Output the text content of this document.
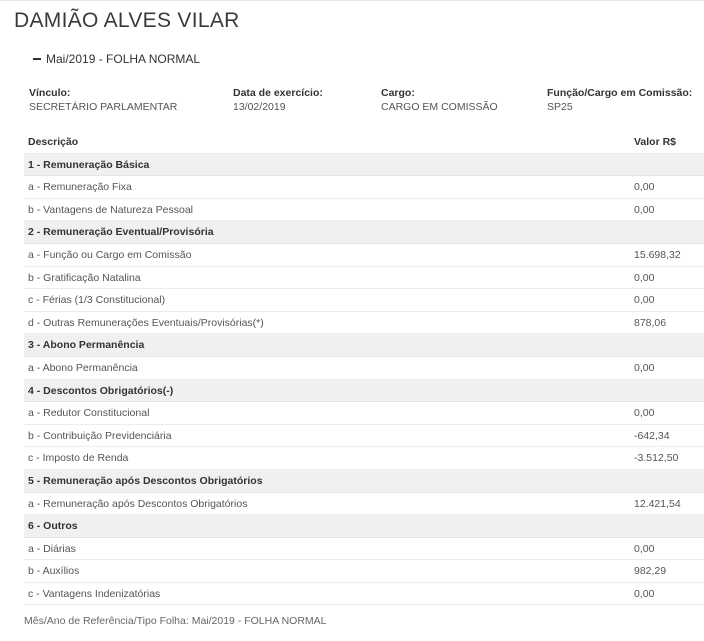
DAMIÃO ALVES VILAR
Mai/2019 - FOLHA NORMAL
Vínculo:
SECRETÁRIO PARLAMENTAR
Data de exercício:
13/02/2019
Cargo:
CARGO EM COMISSÃO
Função/Cargo em Comissão:
SP25
Descrição	Valor R$
1 - Remuneração Básica
a - Remuneração Fixa	0,00
b - Vantagens de Natureza Pessoal	0,00
2 - Remuneração Eventual/Provisória
a - Função ou Cargo em Comissão	15.698,32
b - Gratificação Natalina	0,00
c - Férias (1/3 Constitucional)	0,00
d - Outras Remunerações Eventuais/Provisórias(*)	878,06
3 - Abono Permanência
a - Abono Permanência	0,00
4 - Descontos Obrigatórios(-)
a - Redutor Constitucional	0,00
b - Contribuição Previdenciária	-642,34
c - Imposto de Renda	-3.512,50
5 - Remuneração após Descontos Obrigatórios
a - Remuneração após Descontos Obrigatórios	12.421,54
6 - Outros
a - Diárias	0,00
b - Auxílios	982,29
c - Vantagens Indenizatórias	0,00
Mês/Ano de Referência/Tipo Folha: Mai/2019 - FOLHA NORMAL
